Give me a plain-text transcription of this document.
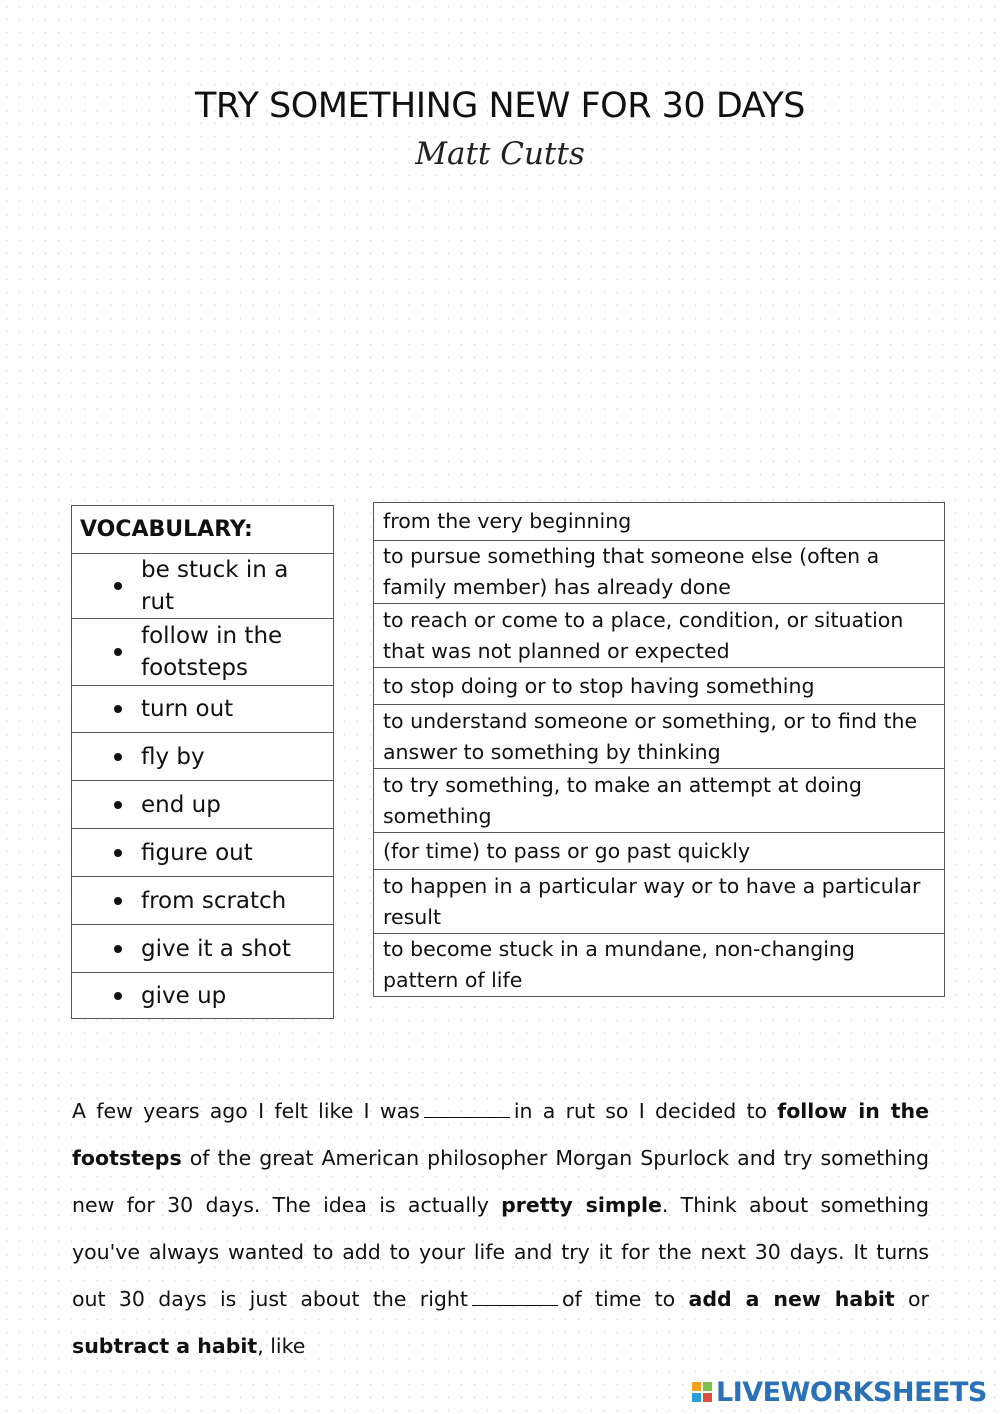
TRY SOMETHING NEW FOR 30 DAYS
Matt Cutts
VOCABULARY:

be stuck in a rut

follow in the footsteps

turn out

fly by

end up

figure out

from scratch

give it a shot

give up
from the very beginning
to pursue something that someone else (often a family member) has already done
to reach or come to a place, condition, or situation that was not planned or expected
to stop doing or to stop having something
to understand someone or something, or to find the answer to something by thinking
to try something, to make an attempt at doing something
(for time) to pass or go past quickly
to happen in a particular way or to have a particular result
to become stuck in a mundane, non-changing pattern of life

A few years ago I felt like I was	in a rut so I decided to follow in the footsteps of the great American philosopher Morgan Spurlock and try something new for 30 days. The idea is actually pretty simple. Think about something you've always wanted to add to your life and try it for the next 30 days. It turns out 30 days is just about the right	of time to add a new habit or subtract a habit, like

LIVEWORKSHEETS
